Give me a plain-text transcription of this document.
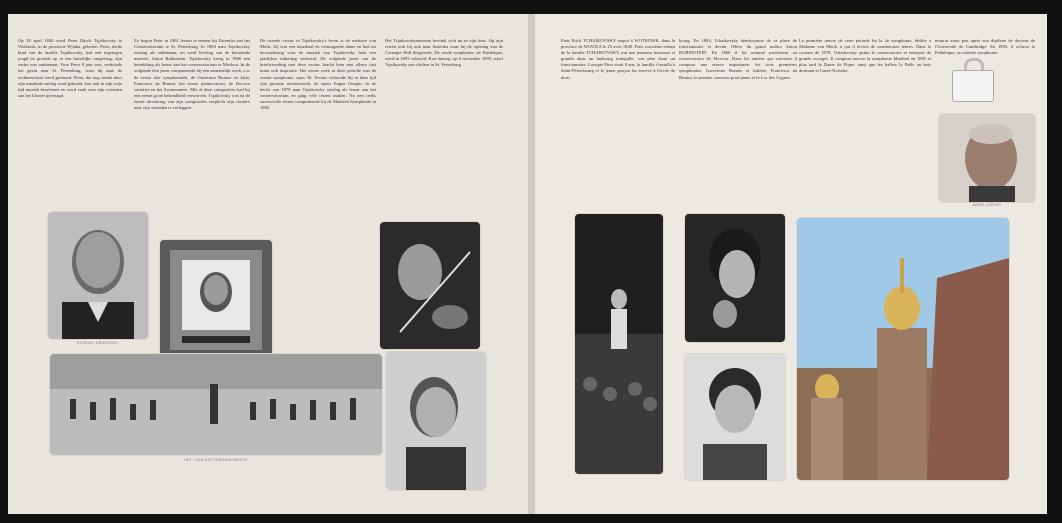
Op 28 april 1840 werd Peter Ilitsch Tsjaikovsky te Wotkinsk, in de provincie Wjatka, geboren. Peter, derde kind van de familie Tsjaikovsky, had een ingetogen jeugd en groeide op in een huiselijke omgeving, zijn vader was ambtenaar. Voor Peter 8 jaar was, verhuisde het gezin naar St. Petersburg, waar hij naar de rechtenschool werd gestuurd. Peter, die nog steeds door zijn muzikale aanleg werd geboeid, kon ook in zijn vrije tijd muziek beoefenen en werd vaak voor zijn vrienden aan het klavier gevraagd.
Zo begon Peter in 1861 lessen te nemen bij Zaremba aan het Conservatorium te St. Petersburg. In 1863 nam Tsjaikovsky ontslag als ambtenaar, en werd leerling van de beroemde meester, Anton Rubinstein. Tsjaikovsky kreeg in 1866 een betrekking als leraar aan het conservatorium te Moskou. In de volgende tien jaren componeerde hij een aanzienlijk werk, o.a. de eerste drie symphonieën, de Ouverture Romeo en Julia, Francesca da Rimini, het eerste pianoconcert, de Rococo variaties en het Zwanenmeer. Met al deze composities had hij een eerste grote bekendheid verworven. Tsjaikovsky was na de eerste uitvoering van zijn composities verplicht zijn carrière naar zijn vrienden te verleggen.
De tweede vrouw in Tsjaikovsky's leven is de weduwe von Meck. Zij was een muzikaal en vermogende dame en had uit bewondering voor de muziek van Tsjaikovsky hem een jaarlijkse uitkering verleend. De volgende jaren van de briefwisseling met deze vrouw bracht hem niet alleen rust maar ook inspiratie. Het eerste werk in deze periode was de vierde symphonie, opus 36. Tevens voltooide hij in deze tijd zijn grootste meesterwerk, de opera Eugen Onegin. In de herfst van 1878 nam Tsjaikovsky ontslag als leraar aan het conservatorium en ging vele reizen maken. Na een reeks succesvolle reizen componeerde hij de Manfred Symphonie in 1885.
Het Tsjaikovskymuseum bevindt zich nu in zijn huis. Op zijn reizen trok hij ook naar Amerika waar hij de opening van de Carnegie Hall dirigeerde. De zesde symphonie, de Pathétique, werd in 1893 voltooid. Kort daarop, op 6 november 1893, stierf Tsjaikovsky aan cholera in St. Petersburg.
EVGENIJ MRAVINSKY
HET CONCERTGEBOUWORKEST
Piotr Ilitch TCHAIKOVSKY naquit à WOTKINSK, dans la province de WIATKA le 25 avril 1840. Petit, troisième enfant de la famille TCHAIKOVSKY, eut une jeunesse heureuse et grandit dans un faubourg tranquille, son père étant un fonctionnaire. Lorsque Piotr avait 8 ans, la famille s'installa à Saint-Pétersbourg et le jeune garçon fut envoyé à l'école de droit.
bourg. En 1863, Tchaikovsky démissionna de sa place de fonctionnaire et devint l'élève du grand maître Anton RUBINSTEIN. En 1866 il fut nommé professeur au conservatoire de Moscou. Dans les années qui suivirent il composa une œuvre importante: les trois premières symphonies, l'ouverture Roméo et Juliette, Francesca da Rimini, le premier concerto pour piano et le Lac des Cygnes.
La première œuvre de cette période fut la 4e symphonie, dédiée à Madame von Meck, à qui il écrivit de nombreuses lettres. Dans le courant de 1878, Tchaikovsky quitta le conservatoire et entreprit de grands voyages. Il composa encore la symphonie Manfred en 1885 et plus tard la Dame de Pique, ainsi que les ballets la Belle au bois dormant et Casse-Noisette.
mourut aussi peu après son diplôme de docteur de l'Université de Cambridge. En 1893, il acheva la Pathétique, sa sixième symphonie.
ANTAL DORATI
